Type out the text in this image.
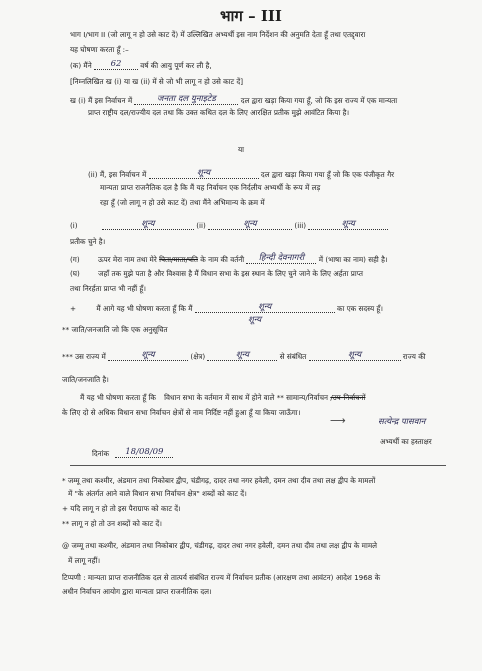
भाग – III
भाग I/भाग II (जो लागू न हो उसे काट दें) में उल्लिखित अभ्यर्थी इस नाम निर्देशन की अनुमति देता हूँ तथा एतद्द्वारा
यह घोषणा करता हूँ :–
(क) मैंने 62	वर्ष की आयु पूर्ण कर ली है,
[निम्नलिखित ख (i) या ख (ii) में से जो भी लागू न हो उसे काट दें]
ख (i) मैं इस निर्वाचन में	जनता दल युनाइटेड	दल द्वारा खड़ा किया गया हूँ, जो कि इस राज्य में एक मान्यता
प्राप्त राष्ट्रीय दल/राज्यीय दल तथा कि उक्त कथित दल के लिए आरक्षित प्रतीक मुझे आवंटित किया है।
या
(ii) मैं, इस निर्वाचन में	शून्य	दल द्वारा खड़ा किया गया हूँ जो कि एक पंजीकृत गैर
मान्यता प्राप्त राजनैतिक दल है कि मैं यह निर्वाचन एक निर्दलीय अभ्यर्थी के रूप में लड़
रहा हूँ (जो लागू न हो उसे काट दें) तथा मैंने अभिमान्य के क्रम में
(i)	शून्य	(ii)	शून्य	(iii)	शून्य
प्रतीक चुने है।
(ग)	ऊपर मेरा नाम तथा मेरे पिता/माता/पति के नाम की वर्तनी हिन्दी देवनागरी में (भाषा का नाम) सही है।
(घ)	जहाँ तक मुझे पता है और विश्वास है मैं विधान सभा के इस स्थान के लिए चुने जाने के लिए अर्हता प्राप्त
तथा निरर्हता प्राप्त भी नहीं हूँ।
+	मैं आगे यह भी घोषणा करता हूँ कि मैं	शून्य	का एक सदस्य हूँ।
** जाति/जनजाति जो कि एक अनुसूचित
शून्य
*** उस राज्य में	शून्य	(क्षेत्र)	शून्य	से संबंधित	शून्य	राज्य की
जाति/जनजाति है।
मैं यह भी घोषणा करता हूँ कि विधान सभा के वर्तमान में साथ में होने वाले ** सामान्य/निर्वाचन /उप-निर्वाचनों
के लिए दो से अधिक विधान सभा निर्वाचन क्षेत्रों से नाम निर्दिष्ट नहीं हुआ हूँ या किया जाऊँगा।
⟶	सत्येन्द्र पासवान
अभ्यर्थी का हस्ताक्षर
दिनांक 18/08/09
* जम्मू तथा कश्मीर, अंडमान तथा निकोबार द्वीप, चंडीगढ़, दादर तथा नगर हवेली, दमन तथा दीव तथा लक्ष द्वीप के मामलों
में "के अंतर्गत आने वाले विधान सभा निर्वाचन क्षेत्र" शब्दों को काट दें।
+ यदि लागू न हो तो इस पैराग्राफ को काट दें।
** लागू न हो तो उन शब्दों को काट दें।
@ जम्मू तथा कश्मीर, अंडमान तथा निकोबार द्वीप, चंडीगढ़, दादर तथा नगर हवेली, दमन तथा दीव तथा लक्ष द्वीप के मामले
में लागू नहीं।
टिप्पणी : मान्यता प्राप्त राजनीतिक दल से तात्पर्य संबंधित राज्य में निर्वाचन प्रतीक (आरक्षण तथा आवंटन) आदेश 1968 के
अधीन निर्वाचन आयोग द्वारा मान्यता प्राप्त राजनीतिक दल।
